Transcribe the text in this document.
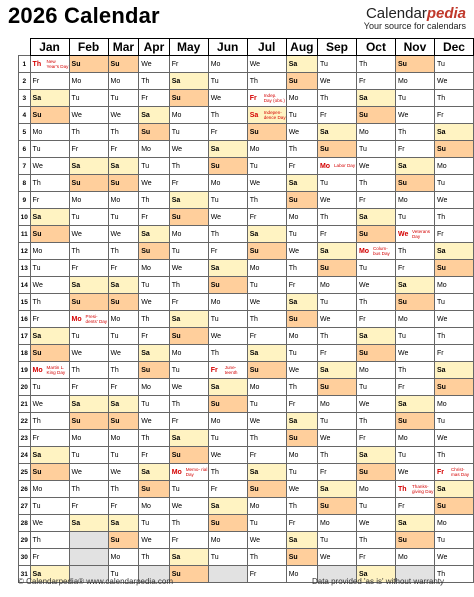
2026 Calendar	Calendarpedia
Your source for calendars
	Jan	Feb	Mar	Apr	May	Jun	Jul	Aug	Sep	Oct	Nov	Dec
1	Th New Year's Day	Su	Su	We	Fr	Mo	We	Sa	Tu	Th	Su	Tu
2	Fr	Mo	Mo	Th	Sa	Tu	Th	Su	We	Fr	Mo	We
3	Sa	Tu	Tu	Fr	Su	We	Fr Indep. Day (obs.)	Mo	Th	Sa	Tu	Th
4	Su	We	We	Sa	Mo	Th	Sa Indepen- dence Day	Tu	Fr	Su	We	Fr
5	Mo	Th	Th	Su	Tu	Fr	Su	We	Sa	Mo	Th	Sa
6	Tu	Fr	Fr	Mo	We	Sa	Mo	Th	Su	Tu	Fr	Su
7	We	Sa	Sa	Tu	Th	Su	Tu	Fr	Mo Labor Day	We	Sa	Mo
8	Th	Su	Su	We	Fr	Mo	We	Sa	Tu	Th	Su	Tu
9	Fr	Mo	Mo	Th	Sa	Tu	Th	Su	We	Fr	Mo	We
10	Sa	Tu	Tu	Fr	Su	We	Fr	Mo	Th	Sa	Tu	Th
11	Su	We	We	Sa	Mo	Th	Sa	Tu	Fr	Su	We Veterans Day	Fr
12	Mo	Th	Th	Su	Tu	Fr	Su	We	Sa	Mo Colum- bus Day	Th	Sa
13	Tu	Fr	Fr	Mo	We	Sa	Mo	Th	Su	Tu	Fr	Su
14	We	Sa	Sa	Tu	Th	Su	Tu	Fr	Mo	We	Sa	Mo
15	Th	Su	Su	We	Fr	Mo	We	Sa	Tu	Th	Su	Tu
16	Fr	Mo Presi- dents' Day	Mo	Th	Sa	Tu	Th	Su	We	Fr	Mo	We
17	Sa	Tu	Tu	Fr	Su	We	Fr	Mo	Th	Sa	Tu	Th
18	Su	We	We	Sa	Mo	Th	Sa	Tu	Fr	Su	We	Fr
19	Mo Martin L. King Day	Th	Th	Su	Tu	Fr June- teenth	Su	We	Sa	Mo	Th	Sa
20	Tu	Fr	Fr	Mo	We	Sa	Mo	Th	Su	Tu	Fr	Su
21	We	Sa	Sa	Tu	Th	Su	Tu	Fr	Mo	We	Sa	Mo
22	Th	Su	Su	We	Fr	Mo	We	Sa	Tu	Th	Su	Tu
23	Fr	Mo	Mo	Th	Sa	Tu	Th	Su	We	Fr	Mo	We
24	Sa	Tu	Tu	Fr	Su	We	Fr	Mo	Th	Sa	Tu	Th
25	Su	We	We	Sa	Mo Memo- rial Day	Th	Sa	Tu	Fr	Su	We	Fr Christ- mas Day
26	Mo	Th	Th	Su	Tu	Fr	Su	We	Sa	Mo	Th Thanks- giving Day	Sa
27	Tu	Fr	Fr	Mo	We	Sa	Mo	Th	Su	Tu	Fr	Su
28	We	Sa	Sa	Tu	Th	Su	Tu	Fr	Mo	We	Sa	Mo
29	Th		Su	We	Fr	Mo	We	Sa	Tu	Th	Su	Tu
30	Fr		Mo	Th	Sa	Tu	Th	Su	We	Fr	Mo	We
31	Sa		Tu		Su		Fr	Mo		Sa		Th
© Calendarpedia® www.calendarpedia.com	Data provided 'as is' without warranty
